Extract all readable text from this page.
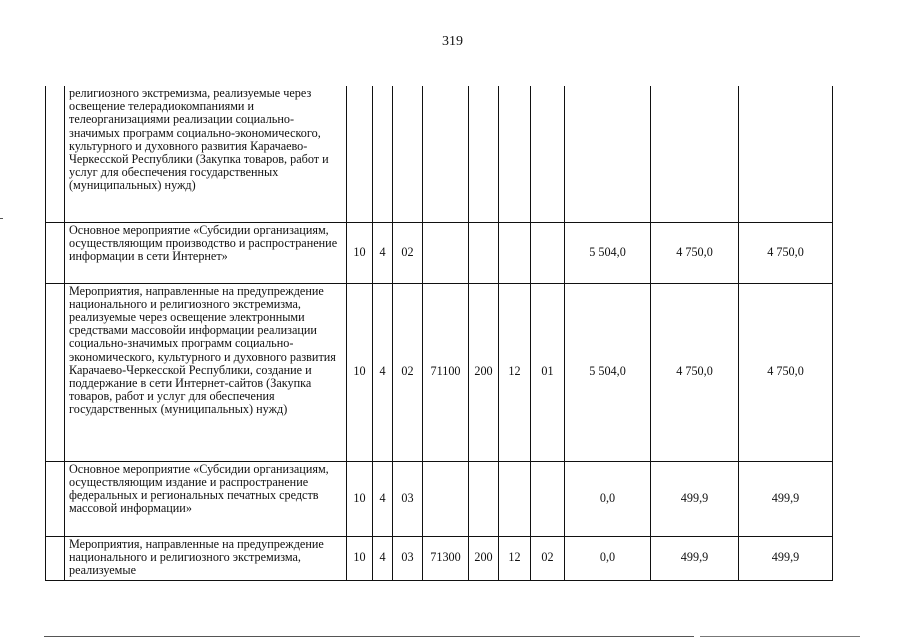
319
	религиозного экстремизма, реализуемые через освещение телерадиокомпаниями и телеорганизациями реализации социально-значимых программ социально-экономического, культурного и духовного развития Карачаево-Черкесской Республики (Закупка товаров, работ и услуг для обеспечения государственных (муниципальных) нужд)										
	Основное мероприятие «Субсидии организациям, осуществляющим производство и распространение информации в сети Интернет»	10	4	02					5 504,0	4 750,0	4 750,0
	Мероприятия, направленные на предупреждение национального и религиозного экстремизма, реализуемые через освещение электронными средствами массовойи информации реализации социально-значимых программ социально-экономического, культурного и духовного развития Карачаево-Черкесской Республики, создание и поддержание в сети Интернет-сайтов (Закупка товаров, работ и услуг для обеспечения государственных (муниципальных) нужд)	10	4	02	71100	200	12	01	5 504,0	4 750,0	4 750,0
	Основное мероприятие «Субсидии организациям, осуществляющим издание и распространение федеральных и региональных печатных средств массовой информации»	10	4	03					0,0	499,9	499,9
	Мероприятия, направленные на предупреждение национального и религиозного экстремизма, реализуемые	10	4	03	71300	200	12	02	0,0	499,9	499,9
